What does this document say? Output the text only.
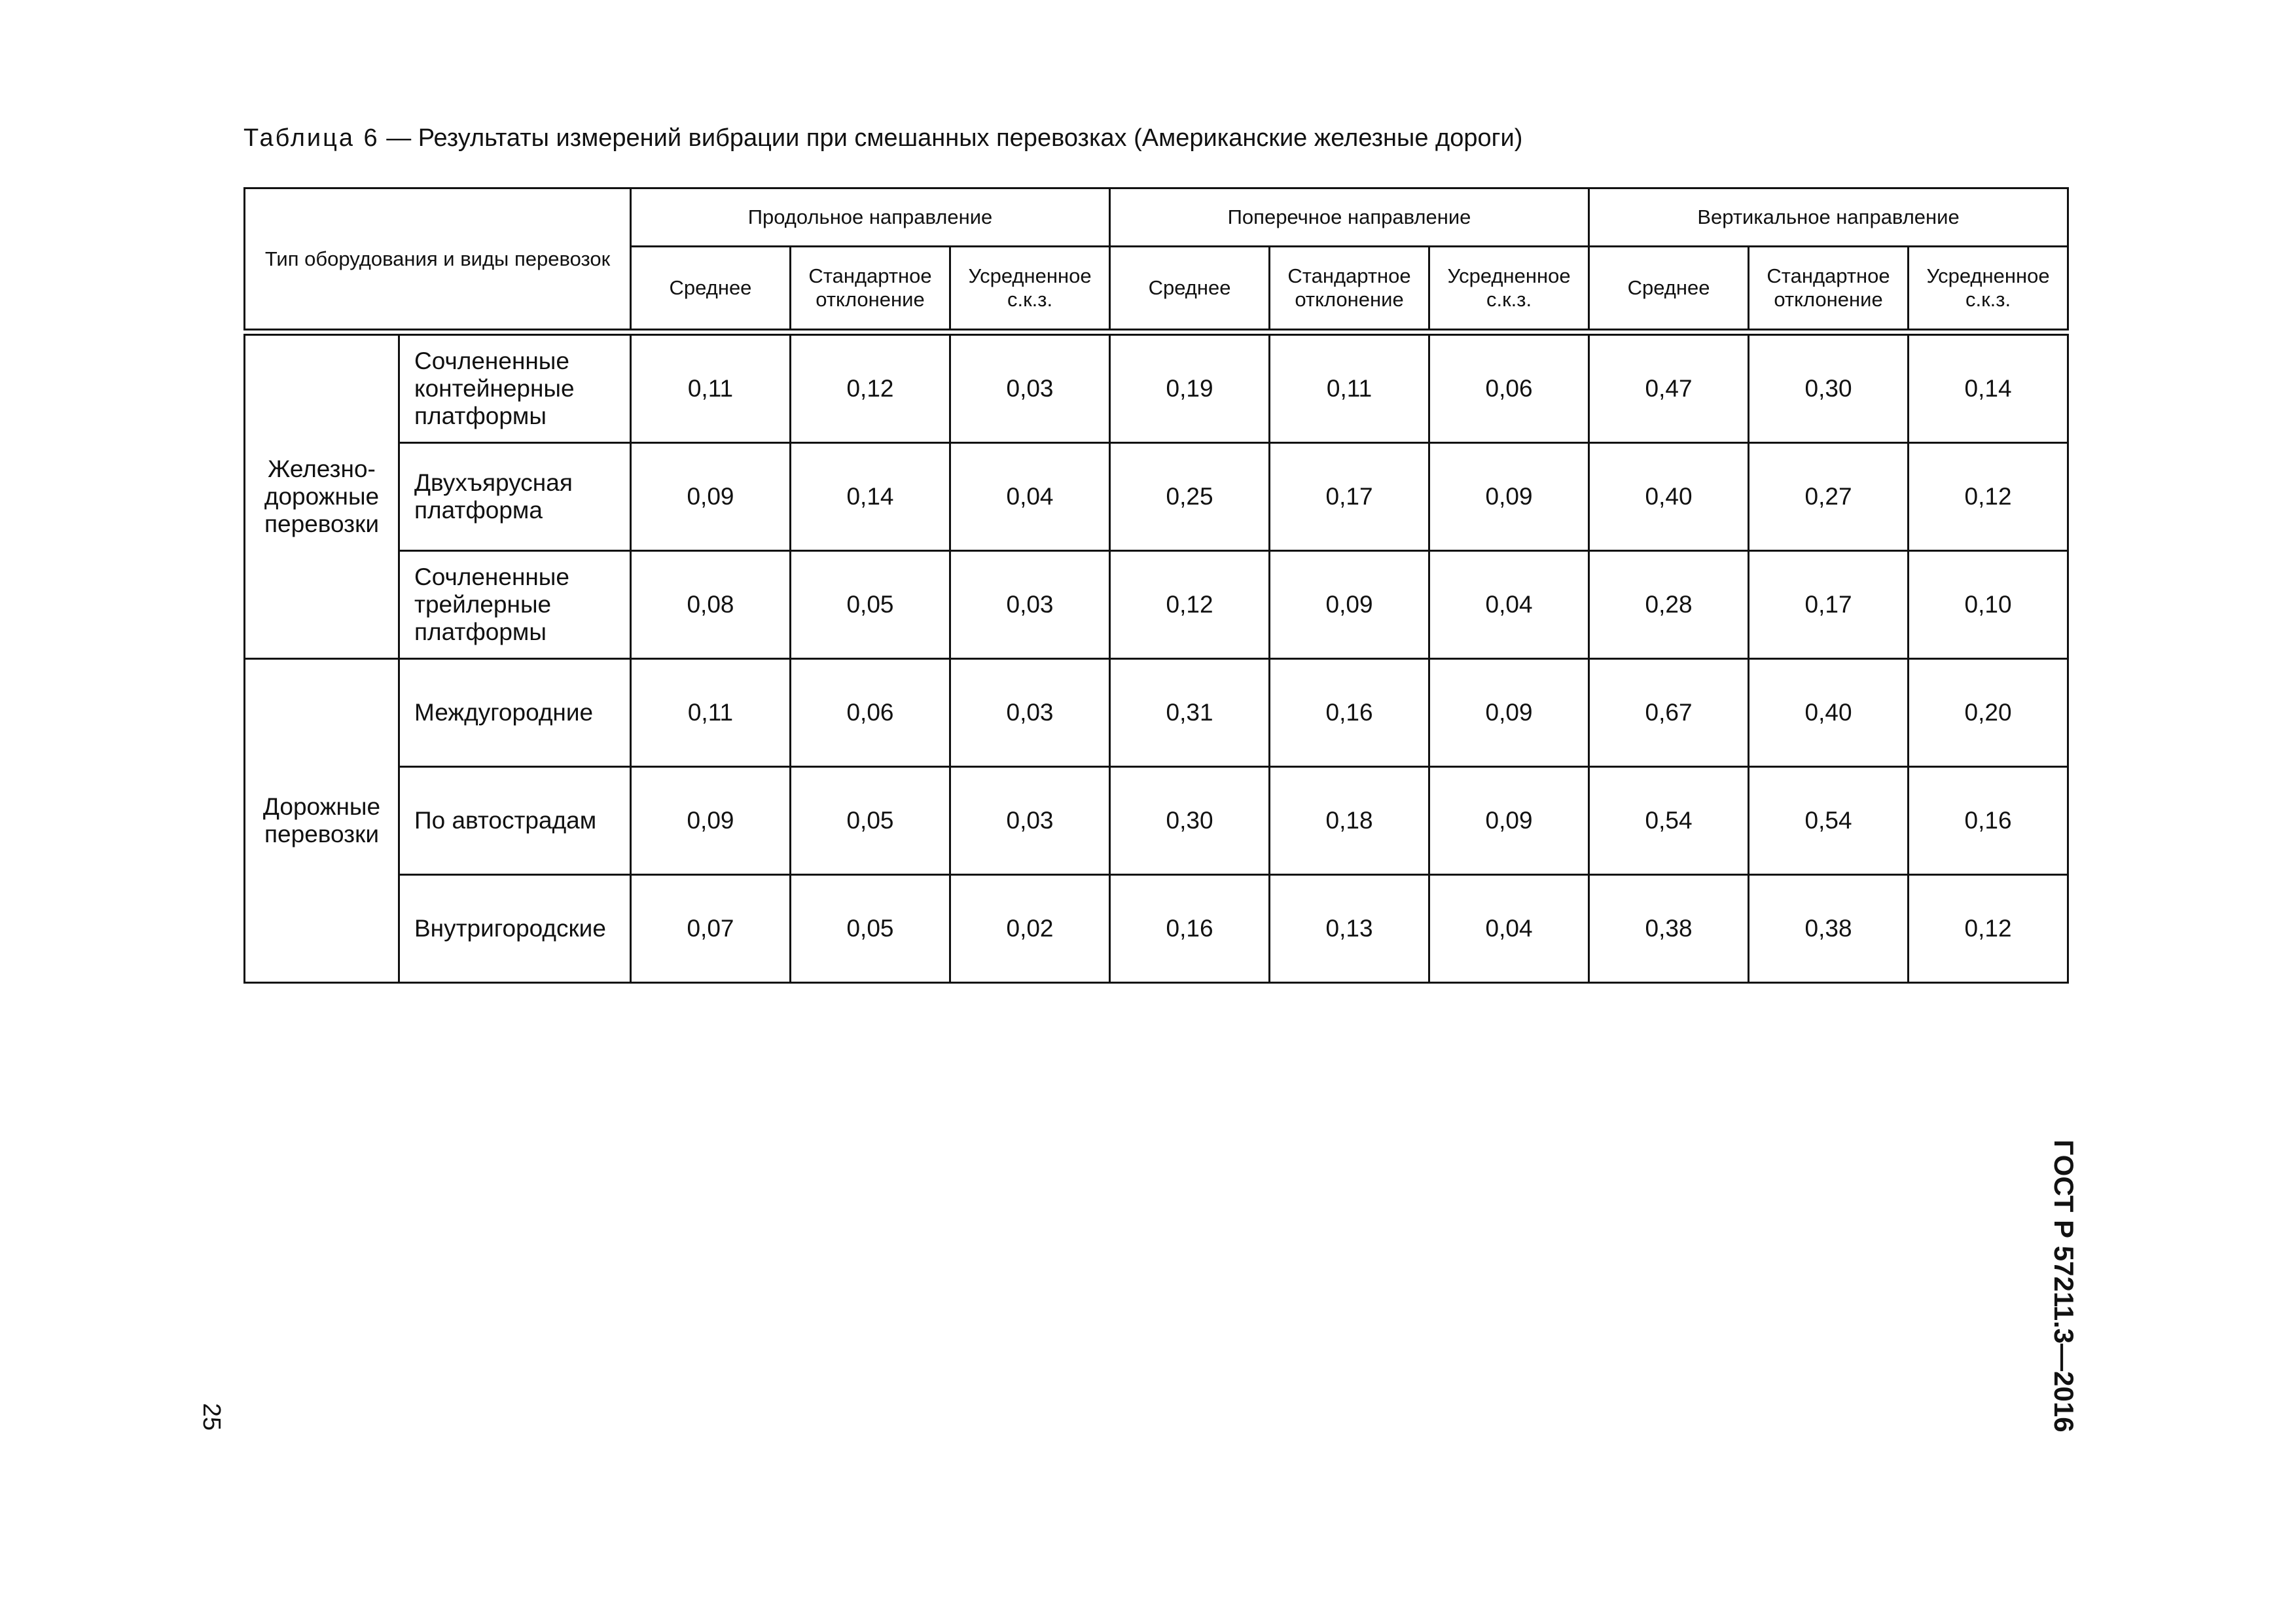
Таблица 6 — Результаты измерений вибрации при смешанных перевозках (Американские железные дороги)
Тип оборудования и виды перевозок		Продольное направление			Поперечное направление			Вертикальное направление		
		Среднее	Стандартное отклонение	Усредненное с.к.з.	Среднее	Стандартное отклонение	Усредненное с.к.з.	Среднее	Стандартное отклонение	Усредненное с.к.з.

Железно-дорожные перевозки	Сочлененные контейнерные платформы	0,11	0,12	0,03	0,19	0,11	0,06	0,47	0,30	0,14
	Двухъярусная платформа	0,09	0,14	0,04	0,25	0,17	0,09	0,40	0,27	0,12
	Сочлененные трейлерные платформы	0,08	0,05	0,03	0,12	0,09	0,04	0,28	0,17	0,10
Дорожные перевозки	Междугородние	0,11	0,06	0,03	0,31	0,16	0,09	0,67	0,40	0,20
	По автострадам	0,09	0,05	0,03	0,30	0,18	0,09	0,54	0,54	0,16
	Внутригородские	0,07	0,05	0,02	0,16	0,13	0,04	0,38	0,38	0,12
25	ГОСТ Р 57211.3—2016
